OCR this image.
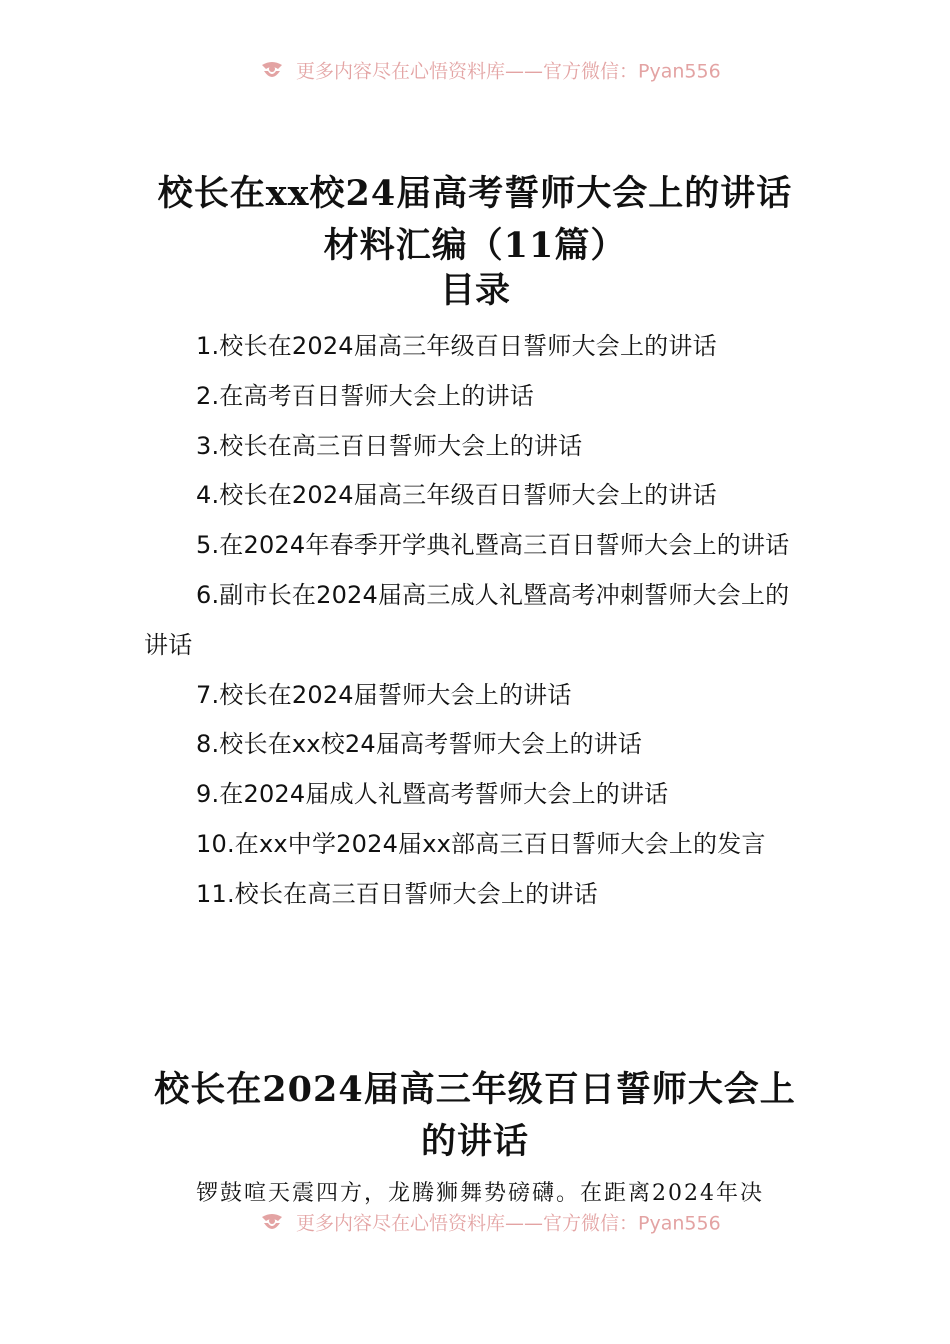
更多内容尽在心悟资料库——官方微信：Pyan556
校长在xx校24届高考誓师大会上的讲话材料汇编（11篇）
目录
1.校长在2024届高三年级百日誓师大会上的讲话
2.在高考百日誓师大会上的讲话
3.校长在高三百日誓师大会上的讲话
4.校长在2024届高三年级百日誓师大会上的讲话
5.在2024年春季开学典礼暨高三百日誓师大会上的讲话
6.副市长在2024届高三成人礼暨高考冲刺誓师大会上的讲话
7.校长在2024届誓师大会上的讲话
8.校长在xx校24届高考誓师大会上的讲话
9.在2024届成人礼暨高考誓师大会上的讲话
10.在xx中学2024届xx部高三百日誓师大会上的发言
11.校长在高三百日誓师大会上的讲话
校长在2024届高三年级百日誓师大会上的讲话

锣鼓喧天震四方，龙腾狮舞势磅礴。在距离2024年决

更多内容尽在心悟资料库——官方微信：Pyan556
